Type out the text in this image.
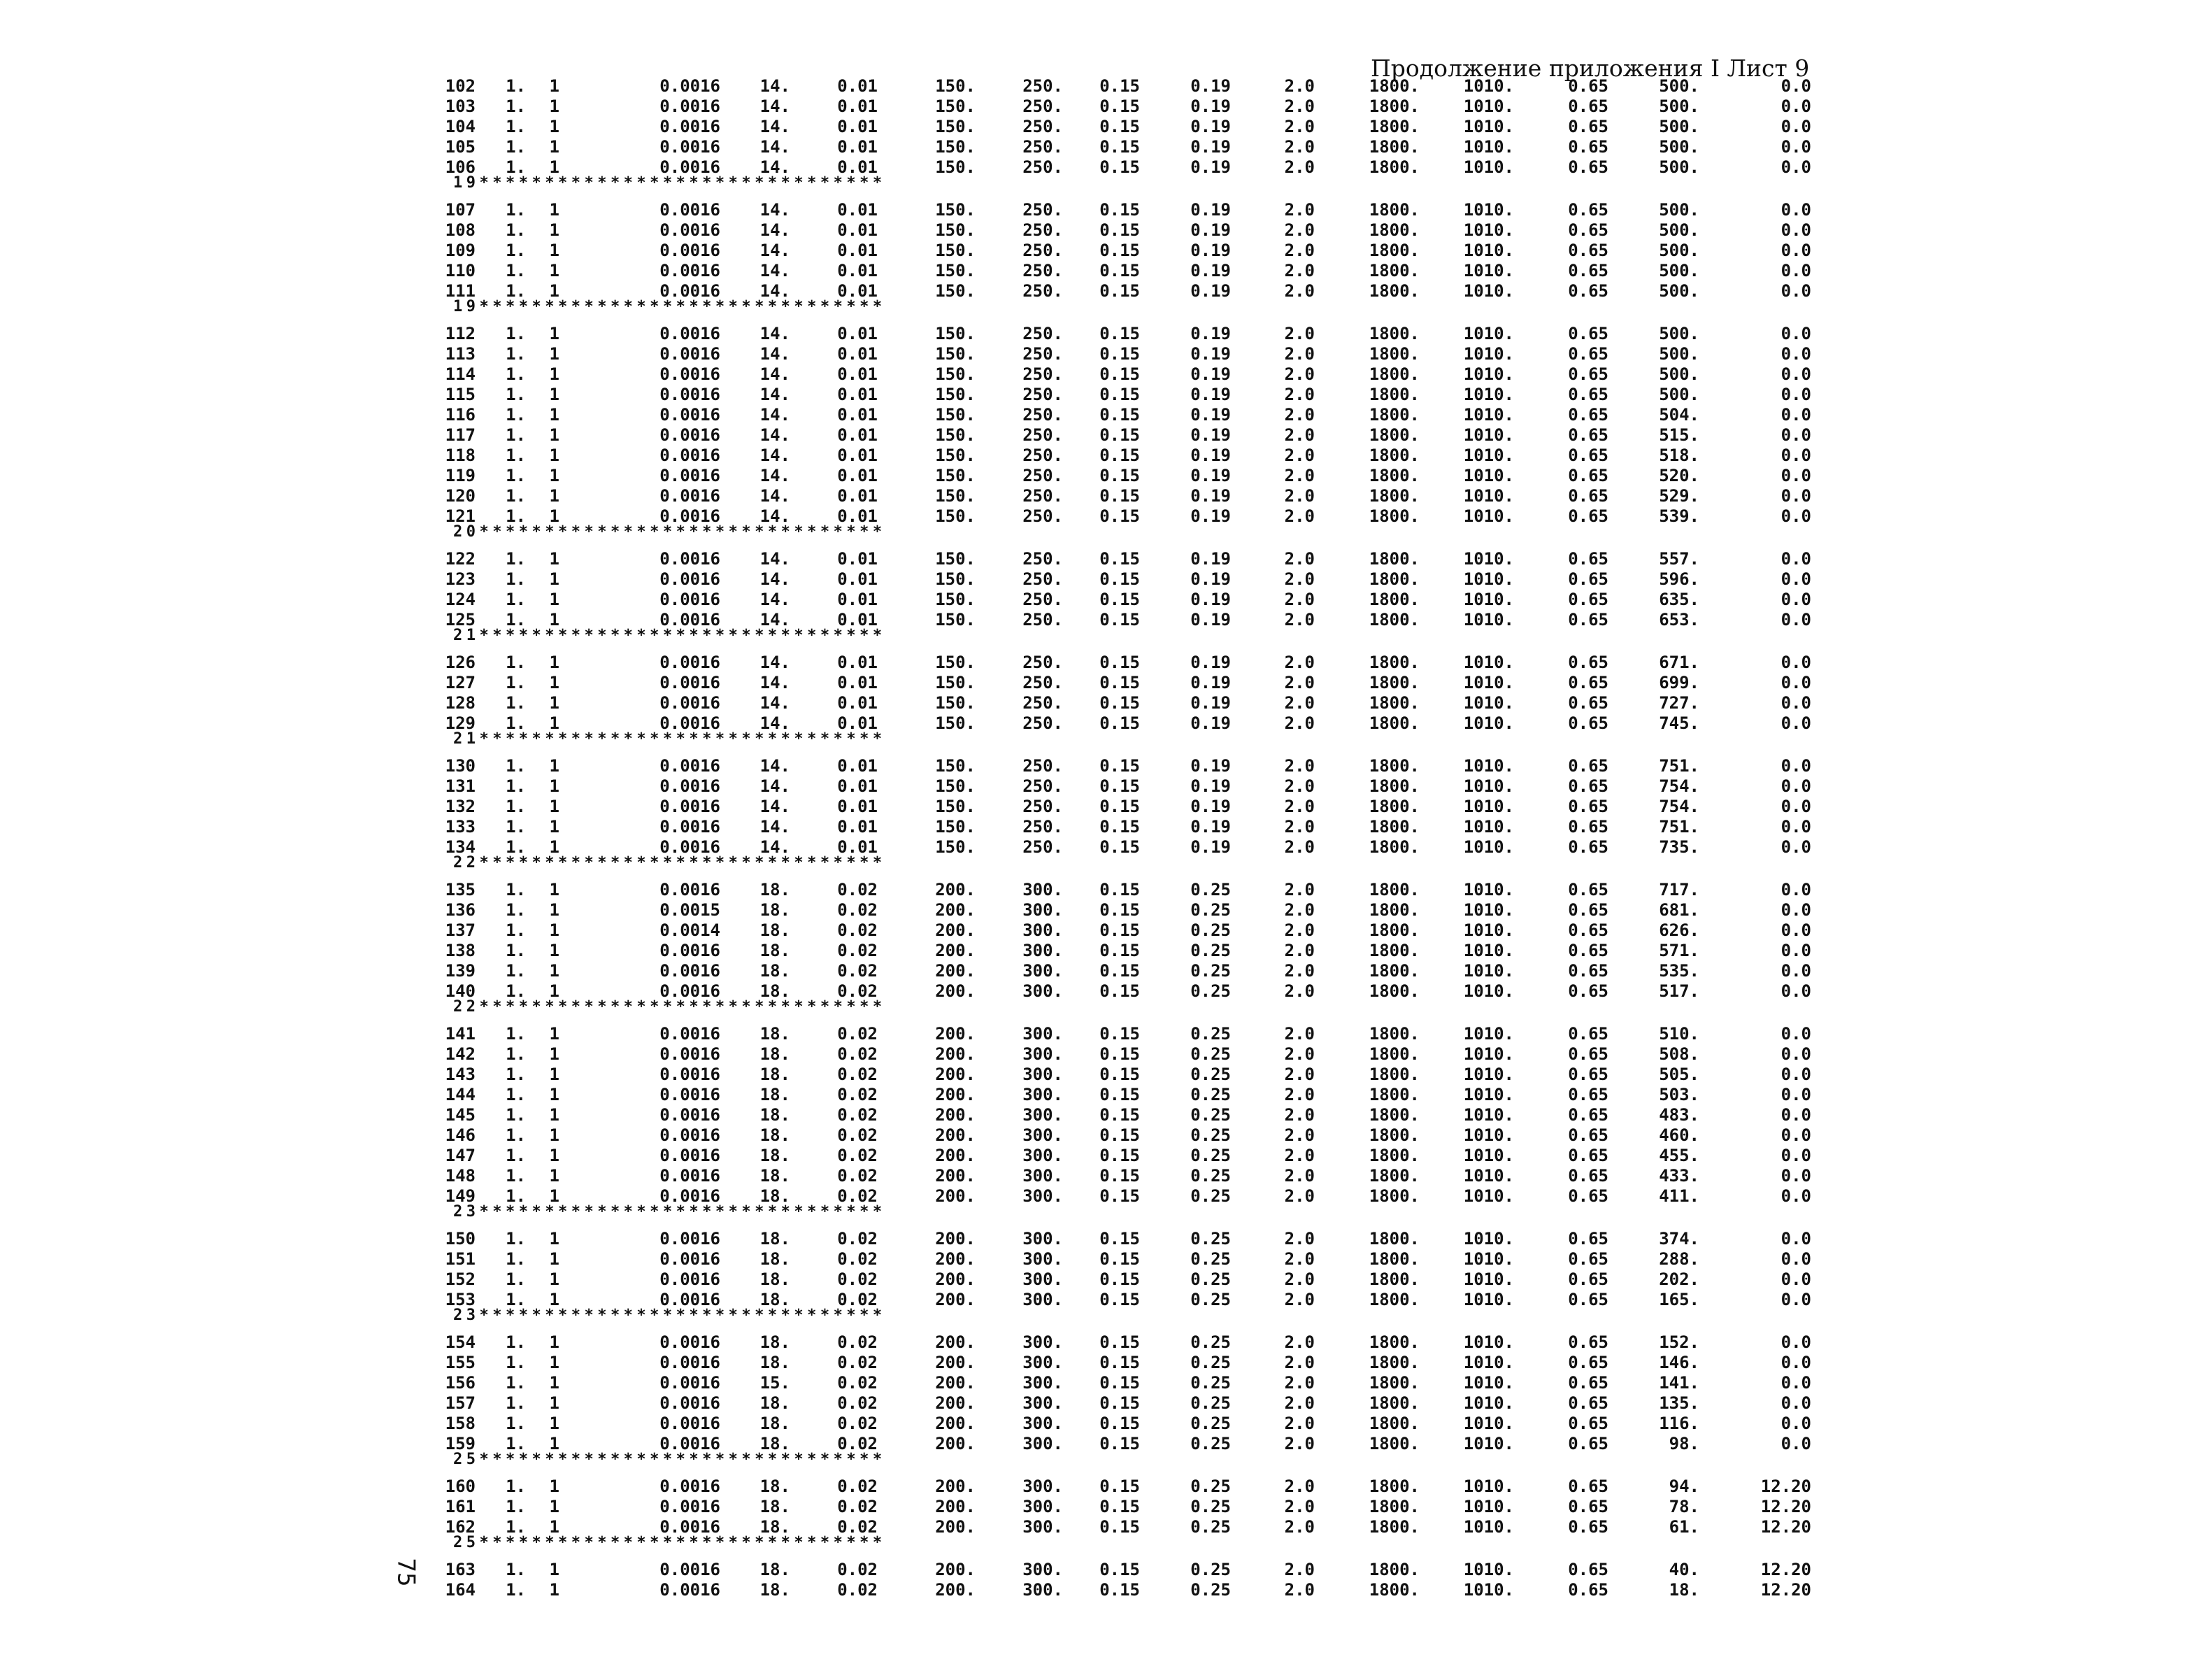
Продолжение приложения I Лист 9
75
102 1. 1	0.0016 14.	0.01	150.	250. 0.15	0.19	2.0	1800.	1010.	0.65	500.	0.0
103 1. 1	0.0016 14.	0.01	150.	250. 0.15	0.19	2.0	1800.	1010.	0.65	500.	0.0
104 1. 1	0.0016 14.	0.01	150.	250. 0.15	0.19	2.0	1800.	1010.	0.65	500.	0.0
105 1. 1	0.0016 14.	0.01	150.	250. 0.15	0.19	2.0	1800.	1010.	0.65	500.	0.0
106 1. 1	0.0016 14.	0.01	150.	250. 0.15	0.19	2.0	1800.	1010.	0.65	500.	0.0
19*******************************
107 1. 1	0.0016 14.	0.01	150.	250. 0.15	0.19	2.0	1800.	1010.	0.65	500.	0.0
108 1. 1	0.0016 14.	0.01	150.	250. 0.15	0.19	2.0	1800.	1010.	0.65	500.	0.0
109 1. 1	0.0016 14.	0.01	150.	250. 0.15	0.19	2.0	1800.	1010.	0.65	500.	0.0
110 1. 1	0.0016 14.	0.01	150.	250. 0.15	0.19	2.0	1800.	1010.	0.65	500.	0.0
111 1. 1	0.0016 14.	0.01	150.	250. 0.15	0.19	2.0	1800.	1010.	0.65	500.	0.0
19*******************************
112 1. 1	0.0016 14.	0.01	150.	250. 0.15	0.19	2.0	1800.	1010.	0.65	500.	0.0
113 1. 1	0.0016 14.	0.01	150.	250. 0.15	0.19	2.0	1800.	1010.	0.65	500.	0.0
114 1. 1	0.0016 14.	0.01	150.	250. 0.15	0.19	2.0	1800.	1010.	0.65	500.	0.0
115 1. 1	0.0016 14.	0.01	150.	250. 0.15	0.19	2.0	1800.	1010.	0.65	500.	0.0
116 1. 1	0.0016 14.	0.01	150.	250. 0.15	0.19	2.0	1800.	1010.	0.65	504.	0.0
117 1. 1	0.0016 14.	0.01	150.	250. 0.15	0.19	2.0	1800.	1010.	0.65	515.	0.0
118 1. 1	0.0016 14.	0.01	150.	250. 0.15	0.19	2.0	1800.	1010.	0.65	518.	0.0
119 1. 1	0.0016 14.	0.01	150.	250. 0.15	0.19	2.0	1800.	1010.	0.65	520.	0.0
120 1. 1	0.0016 14.	0.01	150.	250. 0.15	0.19	2.0	1800.	1010.	0.65	529.	0.0
121 1. 1	0.0016 14.	0.01	150.	250. 0.15	0.19	2.0	1800.	1010.	0.65	539.	0.0
20*******************************
122 1. 1	0.0016 14.	0.01	150.	250. 0.15	0.19	2.0	1800.	1010.	0.65	557.	0.0
123 1. 1	0.0016 14.	0.01	150.	250. 0.15	0.19	2.0	1800.	1010.	0.65	596.	0.0
124 1. 1	0.0016 14.	0.01	150.	250. 0.15	0.19	2.0	1800.	1010.	0.65	635.	0.0
125 1. 1	0.0016 14.	0.01	150.	250. 0.15	0.19	2.0	1800.	1010.	0.65	653.	0.0
21*******************************
126 1. 1	0.0016 14.	0.01	150.	250. 0.15	0.19	2.0	1800.	1010.	0.65	671.	0.0
127 1. 1	0.0016 14.	0.01	150.	250. 0.15	0.19	2.0	1800.	1010.	0.65	699.	0.0
128 1. 1	0.0016 14.	0.01	150.	250. 0.15	0.19	2.0	1800.	1010.	0.65	727.	0.0
129 1. 1	0.0016 14.	0.01	150.	250. 0.15	0.19	2.0	1800.	1010.	0.65	745.	0.0
21*******************************
130 1. 1	0.0016 14.	0.01	150.	250. 0.15	0.19	2.0	1800.	1010.	0.65	751.	0.0
131 1. 1	0.0016 14.	0.01	150.	250. 0.15	0.19	2.0	1800.	1010.	0.65	754.	0.0
132 1. 1	0.0016 14.	0.01	150.	250. 0.15	0.19	2.0	1800.	1010.	0.65	754.	0.0
133 1. 1	0.0016 14.	0.01	150.	250. 0.15	0.19	2.0	1800.	1010.	0.65	751.	0.0
134 1. 1	0.0016 14.	0.01	150.	250. 0.15	0.19	2.0	1800.	1010.	0.65	735.	0.0
22*******************************
135 1. 1	0.0016 18.	0.02	200.	300. 0.15	0.25	2.0	1800.	1010.	0.65	717.	0.0
136 1. 1	0.0015 18.	0.02	200.	300. 0.15	0.25	2.0	1800.	1010.	0.65	681.	0.0
137 1. 1	0.0014 18.	0.02	200.	300. 0.15	0.25	2.0	1800.	1010.	0.65	626.	0.0
138 1. 1	0.0016 18.	0.02	200.	300. 0.15	0.25	2.0	1800.	1010.	0.65	571.	0.0
139 1. 1	0.0016 18.	0.02	200.	300. 0.15	0.25	2.0	1800.	1010.	0.65	535.	0.0
140 1. 1	0.0016 18.	0.02	200.	300. 0.15	0.25	2.0	1800.	1010.	0.65	517.	0.0
22*******************************
141 1. 1	0.0016 18.	0.02	200.	300. 0.15	0.25	2.0	1800.	1010.	0.65	510.	0.0
142 1. 1	0.0016 18.	0.02	200.	300. 0.15	0.25	2.0	1800.	1010.	0.65	508.	0.0
143 1. 1	0.0016 18.	0.02	200.	300. 0.15	0.25	2.0	1800.	1010.	0.65	505.	0.0
144 1. 1	0.0016 18.	0.02	200.	300. 0.15	0.25	2.0	1800.	1010.	0.65	503.	0.0
145 1. 1	0.0016 18.	0.02	200.	300. 0.15	0.25	2.0	1800.	1010.	0.65	483.	0.0
146 1. 1	0.0016 18.	0.02	200.	300. 0.15	0.25	2.0	1800.	1010.	0.65	460.	0.0
147 1. 1	0.0016 18.	0.02	200.	300. 0.15	0.25	2.0	1800.	1010.	0.65	455.	0.0
148 1. 1	0.0016 18.	0.02	200.	300. 0.15	0.25	2.0	1800.	1010.	0.65	433.	0.0
149 1. 1	0.0016 18.	0.02	200.	300. 0.15	0.25	2.0	1800.	1010.	0.65	411.	0.0
23*******************************
150 1. 1	0.0016 18.	0.02	200.	300. 0.15	0.25	2.0	1800.	1010.	0.65	374.	0.0
151 1. 1	0.0016 18.	0.02	200.	300. 0.15	0.25	2.0	1800.	1010.	0.65	288.	0.0
152 1. 1	0.0016 18.	0.02	200.	300. 0.15	0.25	2.0	1800.	1010.	0.65	202.	0.0
153 1. 1	0.0016 18.	0.02	200.	300. 0.15	0.25	2.0	1800.	1010.	0.65	165.	0.0
23*******************************
154 1. 1	0.0016 18.	0.02	200.	300. 0.15	0.25	2.0	1800.	1010.	0.65	152.	0.0
155 1. 1	0.0016 18.	0.02	200.	300. 0.15	0.25	2.0	1800.	1010.	0.65	146.	0.0
156 1. 1	0.0016 15.	0.02	200.	300. 0.15	0.25	2.0	1800.	1010.	0.65	141.	0.0
157 1. 1	0.0016 18.	0.02	200.	300. 0.15	0.25	2.0	1800.	1010.	0.65	135.	0.0
158 1. 1	0.0016 18.	0.02	200.	300. 0.15	0.25	2.0	1800.	1010.	0.65	116.	0.0
159 1. 1	0.0016 18.	0.02	200.	300. 0.15	0.25	2.0	1800.	1010.	0.65	98.	0.0
25*******************************
160 1. 1	0.0016 18.	0.02	200.	300. 0.15	0.25	2.0	1800.	1010.	0.65	94.	12.20
161 1. 1	0.0016 18.	0.02	200.	300. 0.15	0.25	2.0	1800.	1010.	0.65	78.	12.20
162 1. 1	0.0016 18.	0.02	200.	300. 0.15	0.25	2.0	1800.	1010.	0.65	61.	12.20
25*******************************
163 1. 1	0.0016 18.	0.02	200.	300. 0.15	0.25	2.0	1800.	1010.	0.65	40.	12.20
164 1. 1	0.0016 18.	0.02	200.	300. 0.15	0.25	2.0	1800.	1010.	0.65	18.	12.20
